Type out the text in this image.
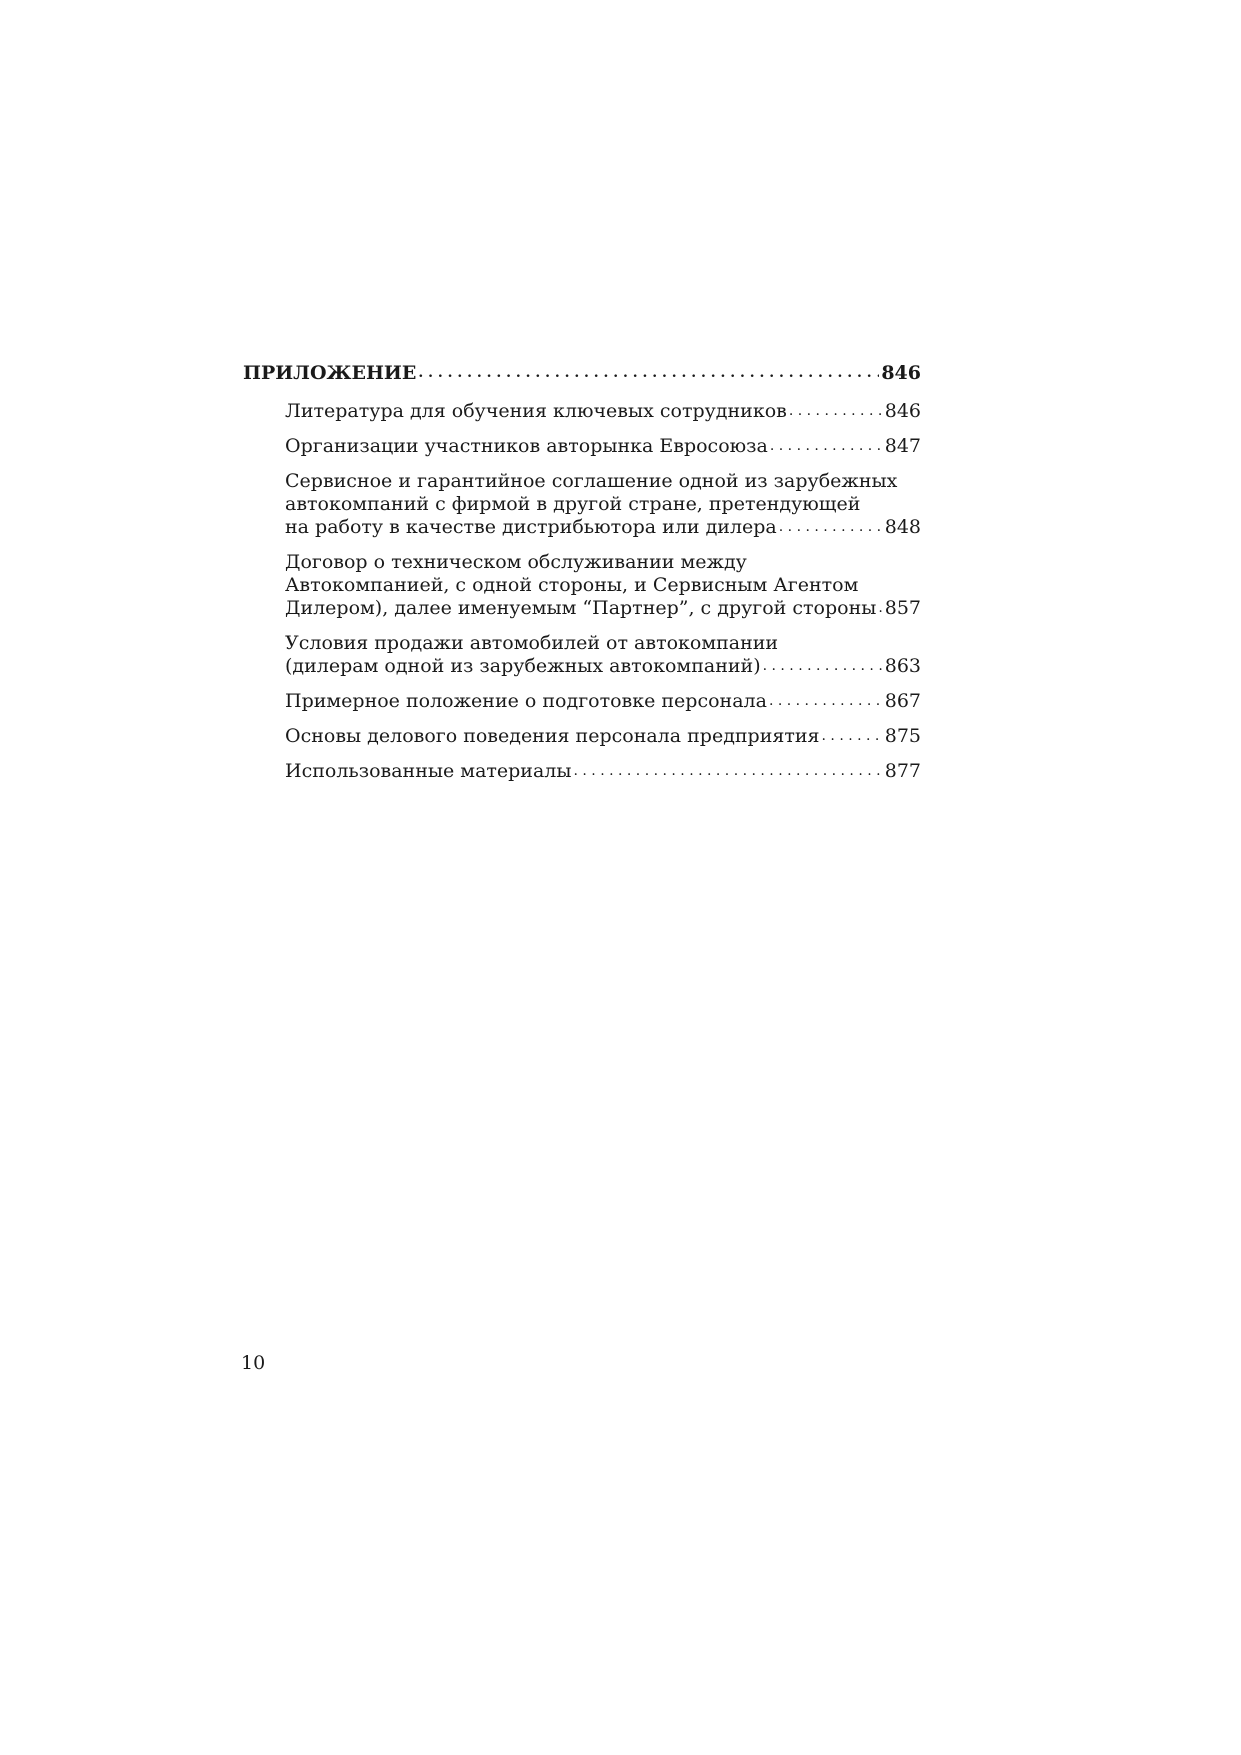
ПРИЛОЖЕНИЕ . . .	846
Литература для обучения ключевых сотрудников . . .	846
Организации участников авторынка Евросоюза . . .	847
Сервисное и гарантийное соглашение одной из зарубежных
автокомпаний с фирмой в другой стране, претендующей
на работу в качестве дистрибьютора или дилера . . .	848
Договор о техническом обслуживании между
Автокомпанией, с одной стороны, и Сервисным Агентом
Дилером), далее именуемым “Партнер”, с другой стороны . . . 857
Условия продажи автомобилей от автокомпании
(дилерам одной из зарубежных автокомпаний) . . .	863
Примерное положение о подготовке персонала . . .	867
Основы делового поведения персонала предприятия . . .	875
Использованные материалы . . .	877
10
